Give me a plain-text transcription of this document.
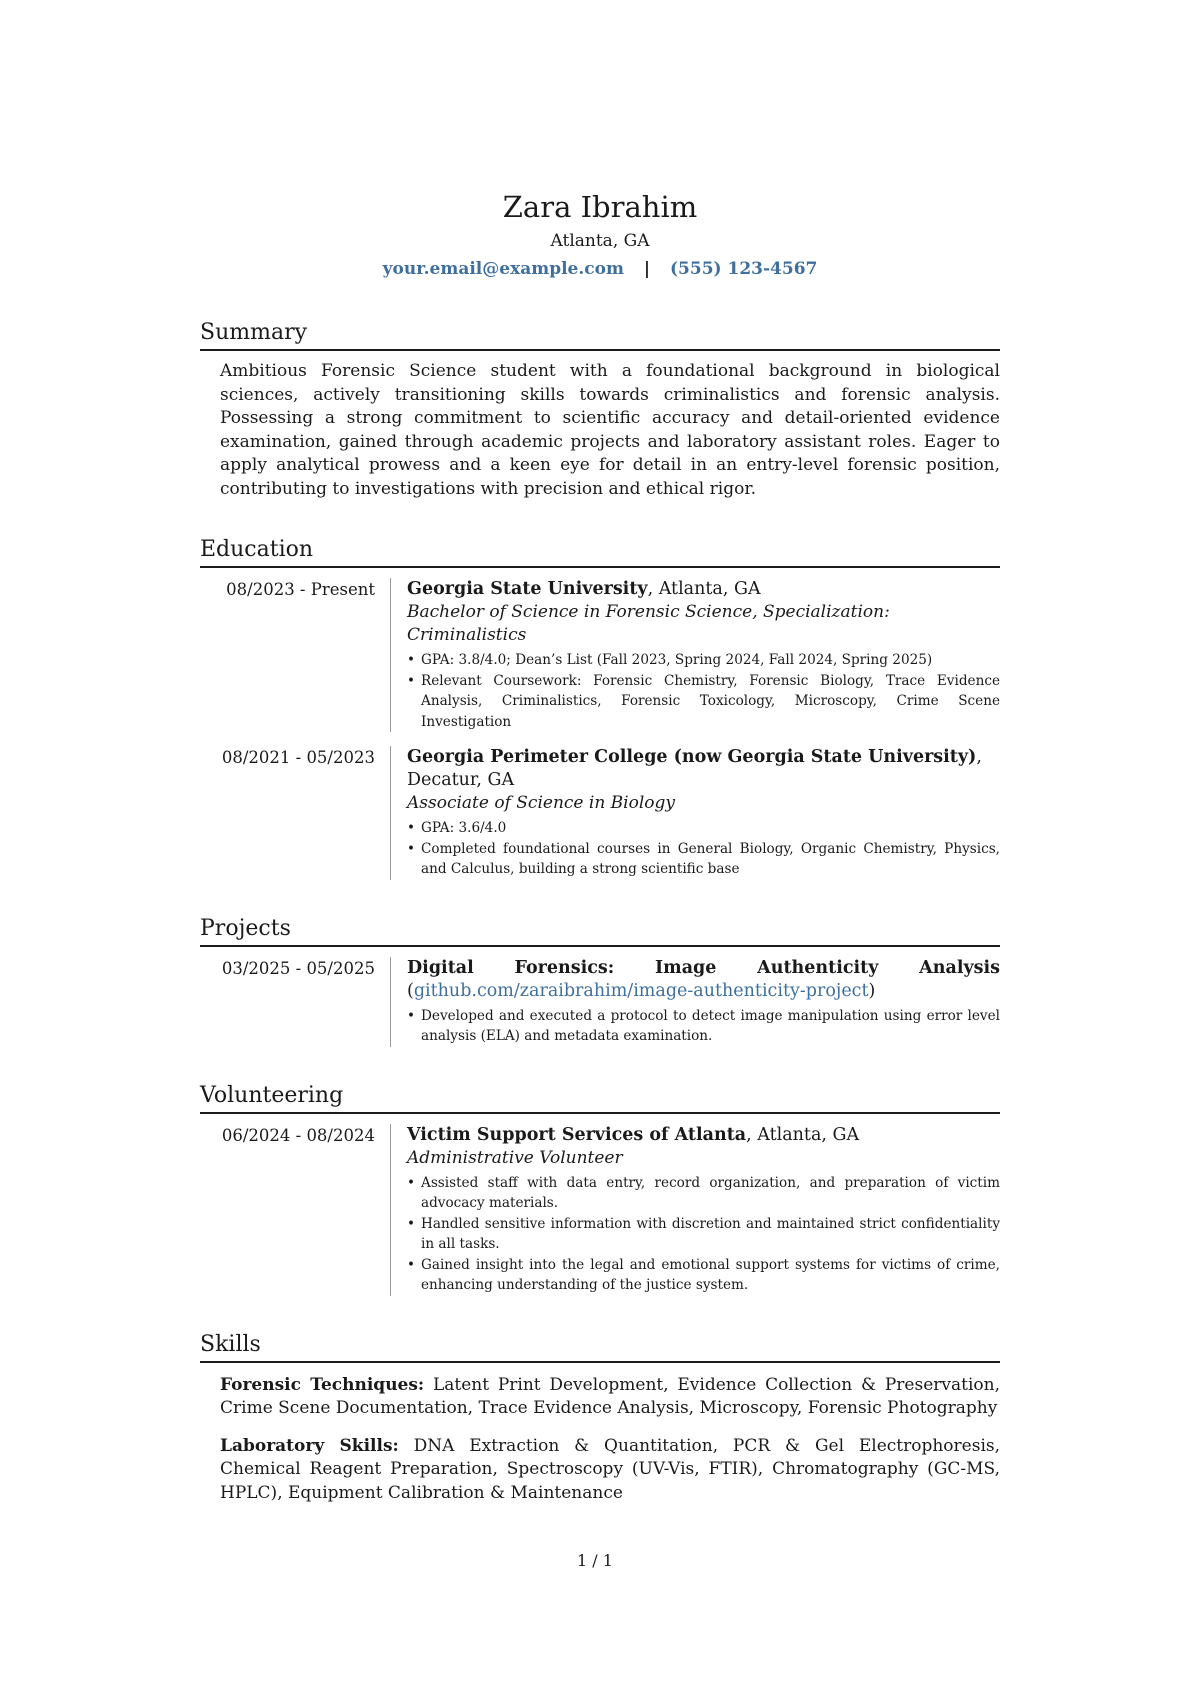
Zara Ibrahim
Atlanta, GA
your.email@example.com | (555) 123-4567
Summary

Ambitious Forensic Science student with a foundational background in biological sciences, actively transitioning skills towards criminalistics and forensic analysis. Possessing a strong commitment to scientific accuracy and detail-oriented evidence examination, gained through academic projects and laboratory assistant roles. Eager to apply analytical prowess and a keen eye for detail in an entry-level forensic position, contributing to investigations with precision and ethical rigor.

Education
08/2023 - Present	Georgia State University, Atlanta, GA
Bachelor of Science in Forensic Science, Specialization: Criminalistics
• GPA: 3.8/4.0; Dean’s List (Fall 2023, Spring 2024, Fall 2024, Spring 2025)
• Relevant Coursework: Forensic Chemistry, Forensic Biology, Trace Evidence Analysis, Criminalistics, Forensic Toxicology, Microscopy, Crime Scene Investigation
08/2021 - 05/2023	Georgia Perimeter College (now Georgia State University), Decatur, GA
Associate of Science in Biology
• GPA: 3.6/4.0
• Completed foundational courses in General Biology, Organic Chemistry, Physics, and Calculus, building a strong scientific base
Projects
03/2025 - 05/2025	Digital Forensics: Image Authenticity Analysis (github.com/zaraibrahim/image-authenticity-project)
• Developed and executed a protocol to detect image manipulation using error level analysis (ELA) and metadata examination.
Volunteering
06/2024 - 08/2024	Victim Support Services of Atlanta, Atlanta, GA
Administrative Volunteer
• Assisted staff with data entry, record organization, and preparation of victim advocacy materials.
• Handled sensitive information with discretion and maintained strict confidentiality in all tasks.
• Gained insight into the legal and emotional support systems for victims of crime, enhancing understanding of the justice system.
Skills
Forensic Techniques: Latent Print Development, Evidence Collection & Preservation, Crime Scene Documentation, Trace Evidence Analysis, Microscopy, Forensic Photography
Laboratory Skills: DNA Extraction & Quantitation, PCR & Gel Electrophoresis, Chemical Reagent Preparation, Spectroscopy (UV-Vis, FTIR), Chromatography (GC-MS, HPLC), Equipment Calibration & Maintenance
1 / 1
